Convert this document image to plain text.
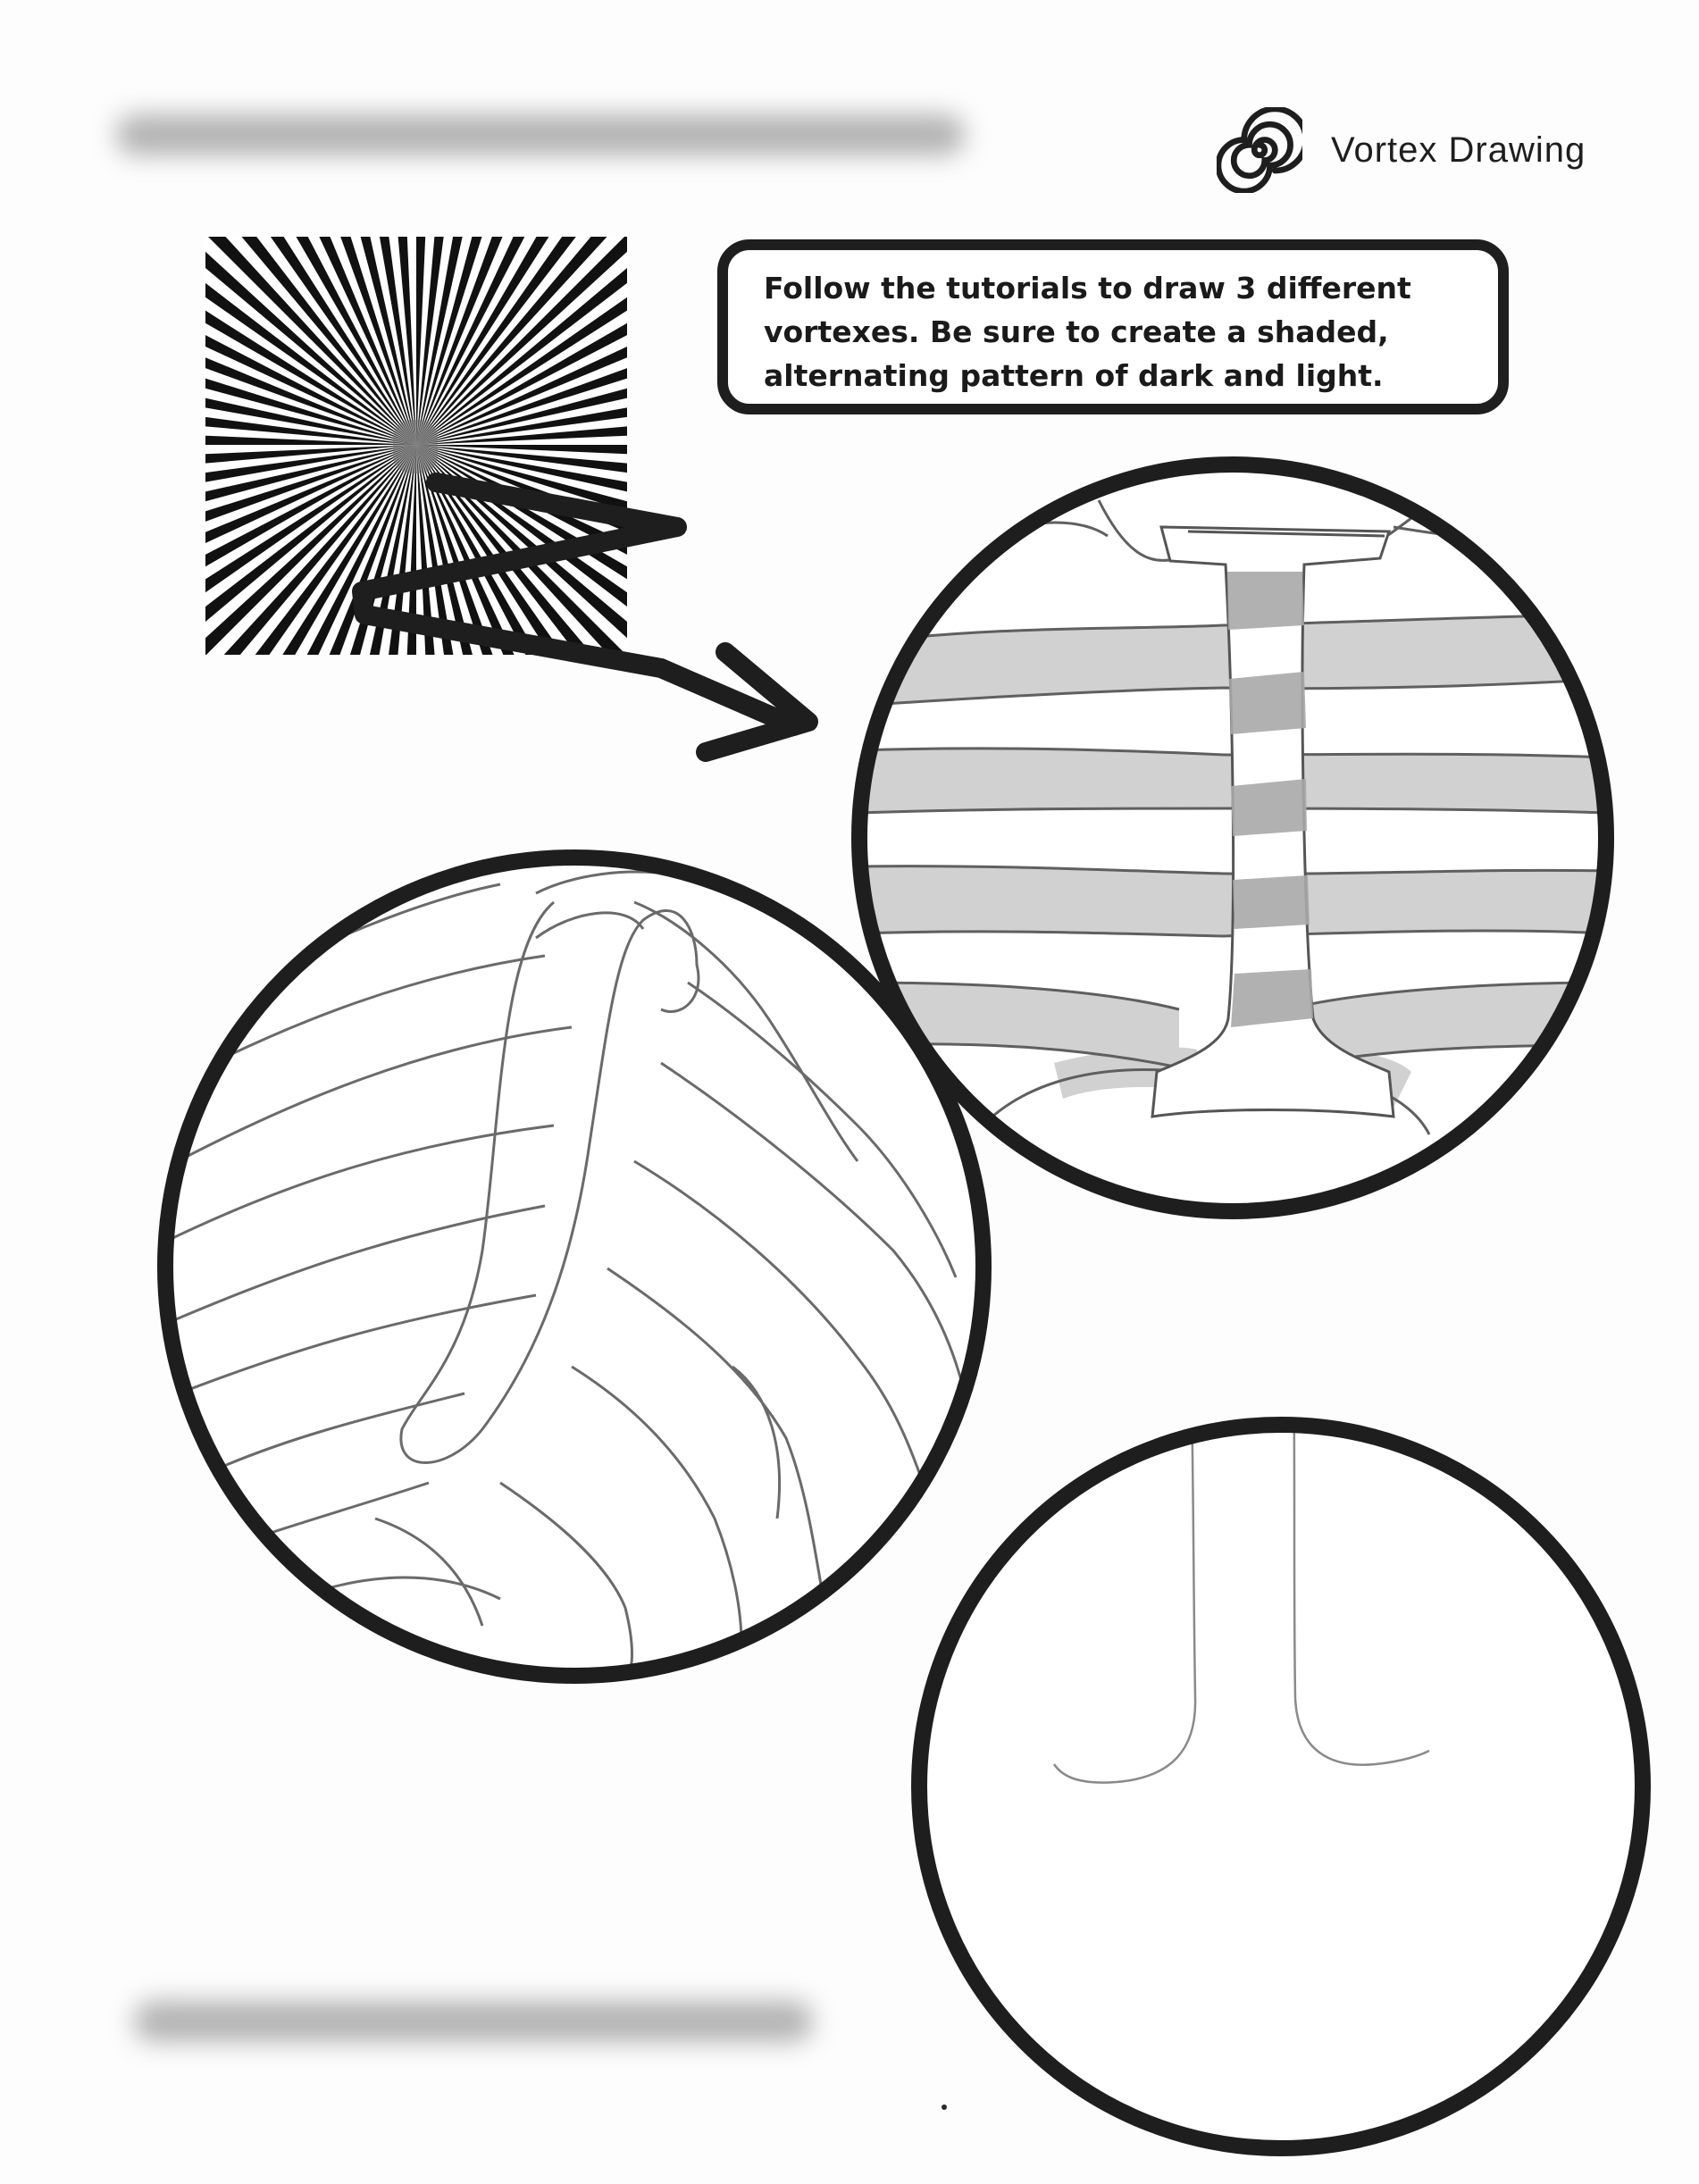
Vortex Drawing

Follow the tutorials to draw 3 different vortexes. Be sure to create a shaded, alternating pattern of dark and light.
